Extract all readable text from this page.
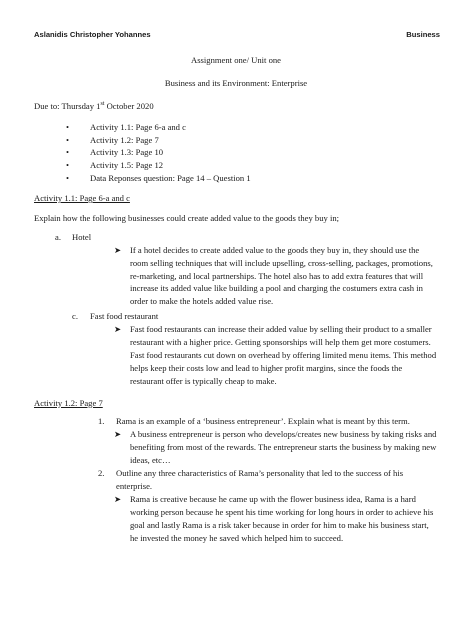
Aslanidis Christopher Yohannes	Business

Assignment one/ Unit one

Business and its Environment: Enterprise

Due to: Thursday 1st October 2020

• Activity 1.1: Page 6-a and c
• Activity 1.2: Page 7
• Activity 1.3: Page 10
• Activity 1.5: Page 12
• Data Reponses question: Page 14 – Question 1

Activity 1.1: Page 6-a and c

Explain how the following businesses could create added value to the goods they buy in;

a. Hotel
➤ If a hotel decides to create added value to the goods they buy in, they should use the room selling techniques that will include upselling, cross-selling, packages, promotions, re-marketing, and local partnerships. The hotel also has to add extra features that will increase its added value like building a pool and charging the costumers extra cash in order to make the hotels added value rise.
c. Fast food restaurant
➤ Fast food restaurants can increase their added value by selling their product to a smaller restaurant with a higher price. Getting sponsorships will help them get more costumers. Fast food restaurants cut down on overhead by offering limited menu items. This method helps keep their costs low and lead to higher profit margins, since the foods the restaurant offer is typically cheap to make.

Activity 1.2: Page 7

1. Rama is an example of a ‘business entrepreneur’. Explain what is meant by this term.
➤ A business entrepreneur is person who develops/creates new business by taking risks and benefiting from most of the rewards. The entrepreneur starts the business by making new ideas, etc…
2. Outline any three characteristics of Rama’s personality that led to the success of his enterprise.
➤ Rama is creative because he came up with the flower business idea, Rama is a hard working person because he spent his time working for long hours in order to achieve his goal and lastly Rama is a risk taker because in order for him to make his business start, he invested the money he saved which helped him to succeed.
